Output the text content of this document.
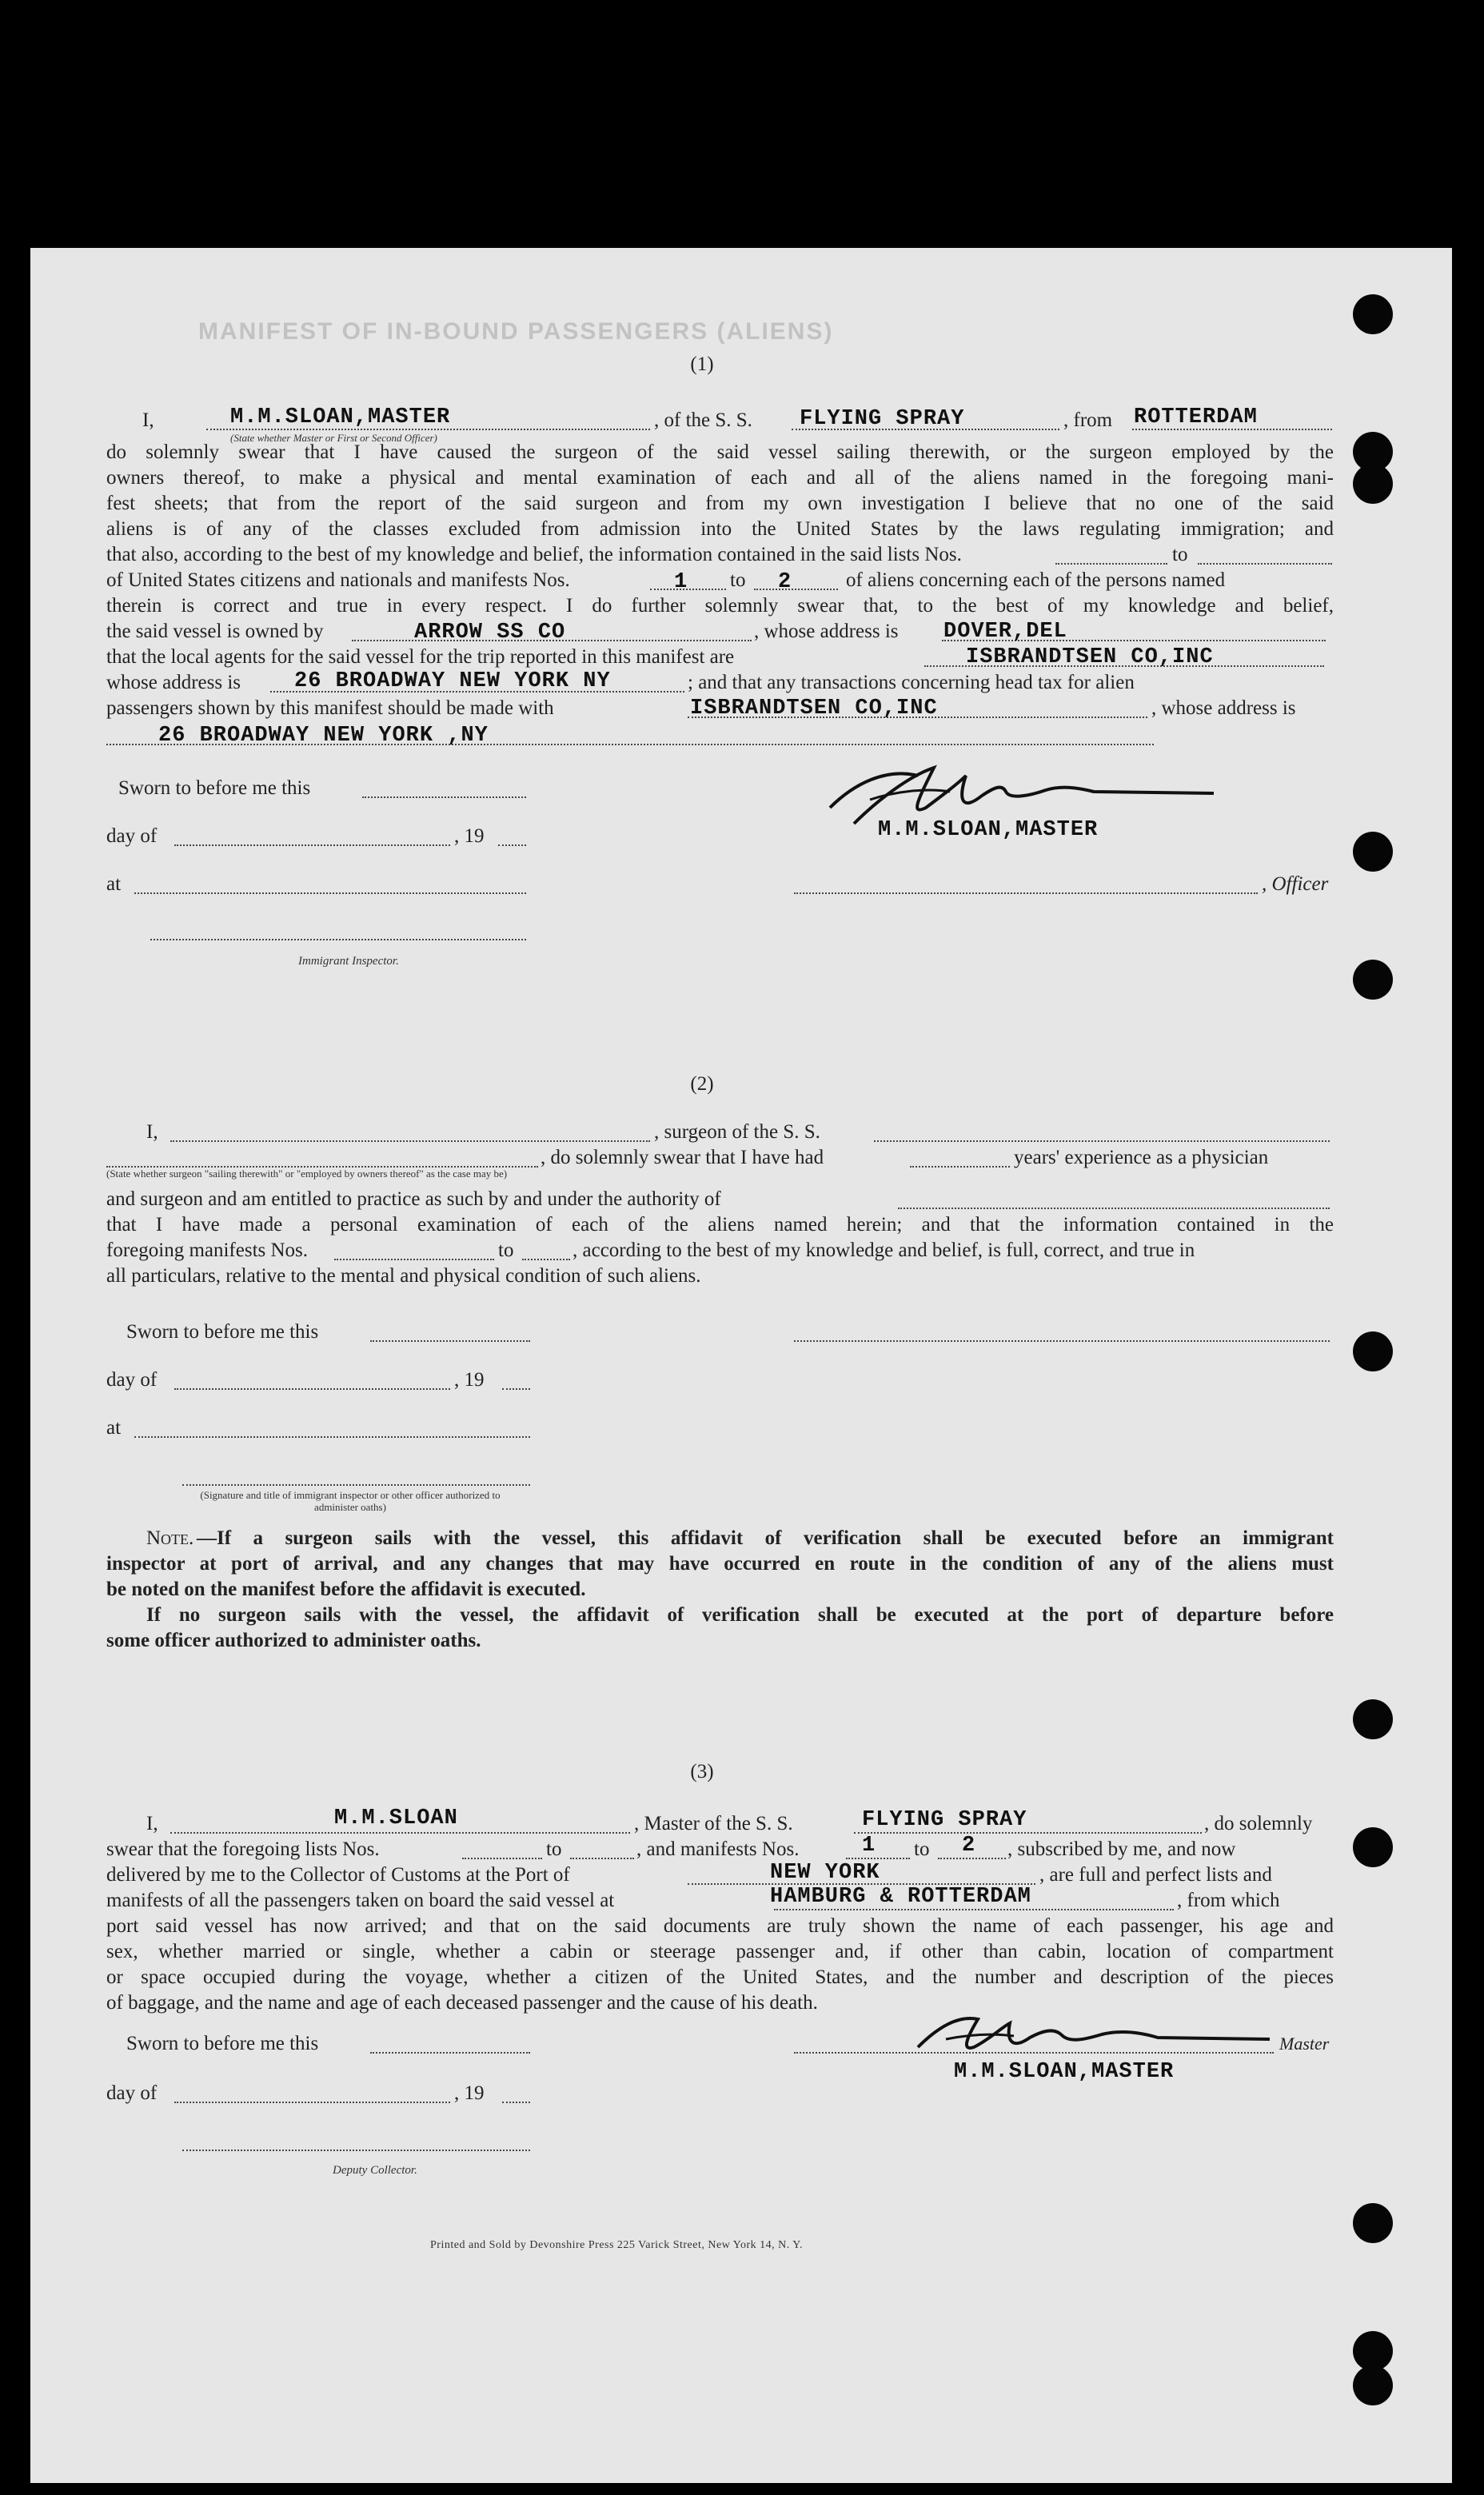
MANIFEST OF IN-BOUND PASSENGERS (ALIENS)
(1)
I,	M.M.SLOAN,MASTER	, of the S. S. FLYING SPRAY	, from ROTTERDAM
(State whether Master or First or Second Officer)
do solemnly swear that I have caused the surgeon of the said vessel sailing therewith, or the surgeon employed by the
owners thereof, to make a physical and mental examination of each and all of the aliens named in the foregoing mani-
fest sheets; that from the report of the said surgeon and from my own investigation I believe that no one of the said
aliens is of any of the classes excluded from admission into the United States by the laws regulating immigration; and
that also, according to the best of my knowledge and belief, the information contained in the said lists Nos.	to
of United States citizens and nationals and manifests Nos.	1 to 2	of aliens concerning each of the persons named
therein is correct and true in every respect. I do further solemnly swear that, to the best of my knowledge and belief,
the said vessel is owned by	ARROW SS CO	, whose address is DOVER,DEL
that the local agents for the said vessel for the trip reported in this manifest are	ISBRANDTSEN CO,INC
whose address is 26 BROADWAY NEW YORK NY	; and that any transactions concerning head tax for alien
passengers shown by this manifest should be made with	ISBRANDTSEN CO,INC	, whose address is
26 BROADWAY NEW YORK ,NY
Sworn to before me this
day of	, 19
at
Immigrant Inspector.
M.M.SLOAN,MASTER
, Officer
(2)
I,	, surgeon of the S. S.
, do solemnly swear that I have had	years' experience as a physician
(State whether surgeon "sailing therewith" or "employed by owners thereof" as the case may be)
and surgeon and am entitled to practice as such by and under the authority of
that I have made a personal examination of each of the aliens named herein; and that the information contained in the
foregoing manifests Nos.	to	, according to the best of my knowledge and belief, is full, correct, and true in
all particulars, relative to the mental and physical condition of such aliens.
Sworn to before me this
day of	, 19
at
(Signature and title of immigrant inspector or other officer authorized to administer oaths)
Note. —If a surgeon sails with the vessel, this affidavit of verification shall be executed before an immigrant
inspector at port of arrival, and any changes that may have occurred en route in the condition of any of the aliens must
be noted on the manifest before the affidavit is executed.
If no surgeon sails with the vessel, the affidavit of verification shall be executed at the port of departure before
some officer authorized to administer oaths.
(3)
I,	M.M.SLOAN	, Master of the S. S.	FLYING SPRAY	, do solemnly
swear that the foregoing lists Nos.	to	, and manifests Nos.	1 to 2 , subscribed by me, and now
delivered by me to the Collector of Customs at the Port of	NEW YORK	, are full and perfect lists and
manifests of all the passengers taken on board the said vessel at	HAMBURG & ROTTERDAM	, from which
port said vessel has now arrived; and that on the said documents are truly shown the name of each passenger, his age and
sex, whether married or single, whether a cabin or steerage passenger and, if other than cabin, location of compartment
or space occupied during the voyage, whether a citizen of the United States, and the number and description of the pieces
of baggage, and the name and age of each deceased passenger and the cause of his death.
Sworn to before me this	Master
M.M.SLOAN,MASTER
day of	, 19
Deputy Collector.
Printed and Sold by Devonshire Press 225 Varick Street, New York 14, N. Y.
